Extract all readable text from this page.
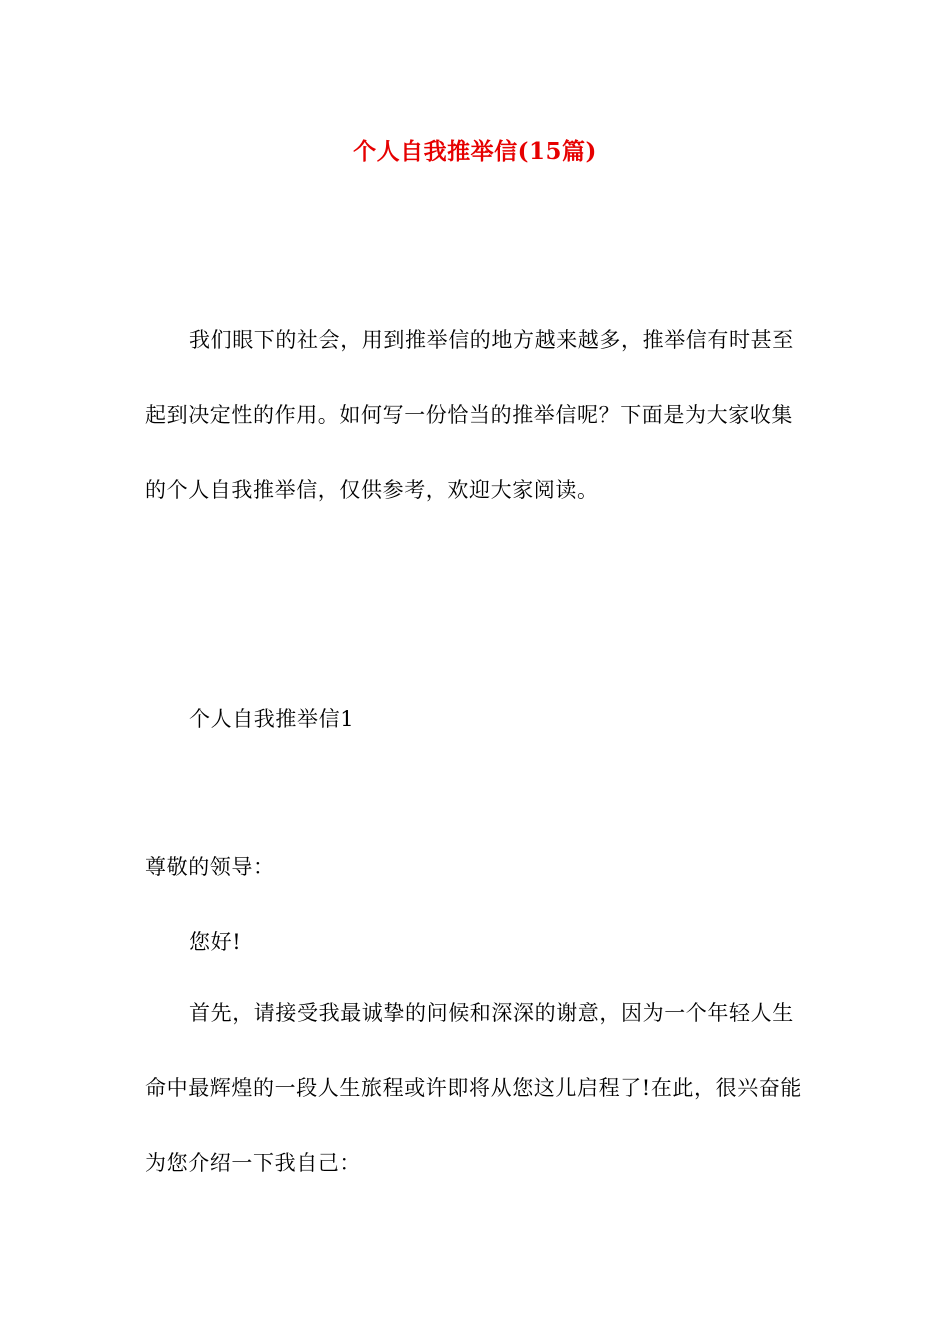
个人自我推举信(15篇)

我们眼下的社会，用到推举信的地方越来越多，推举信有时甚至起到决定性的作用。如何写一份恰当的推举信呢？下面是为大家收集的个人自我推举信，仅供参考，欢迎大家阅读。

个人自我推举信1

尊敬的领导：

您好!

首先，请接受我最诚挚的问候和深深的谢意，因为一个年轻人生命中最辉煌的一段人生旅程或许即将从您这儿启程了!在此，很兴奋能为您介绍一下我自己：
